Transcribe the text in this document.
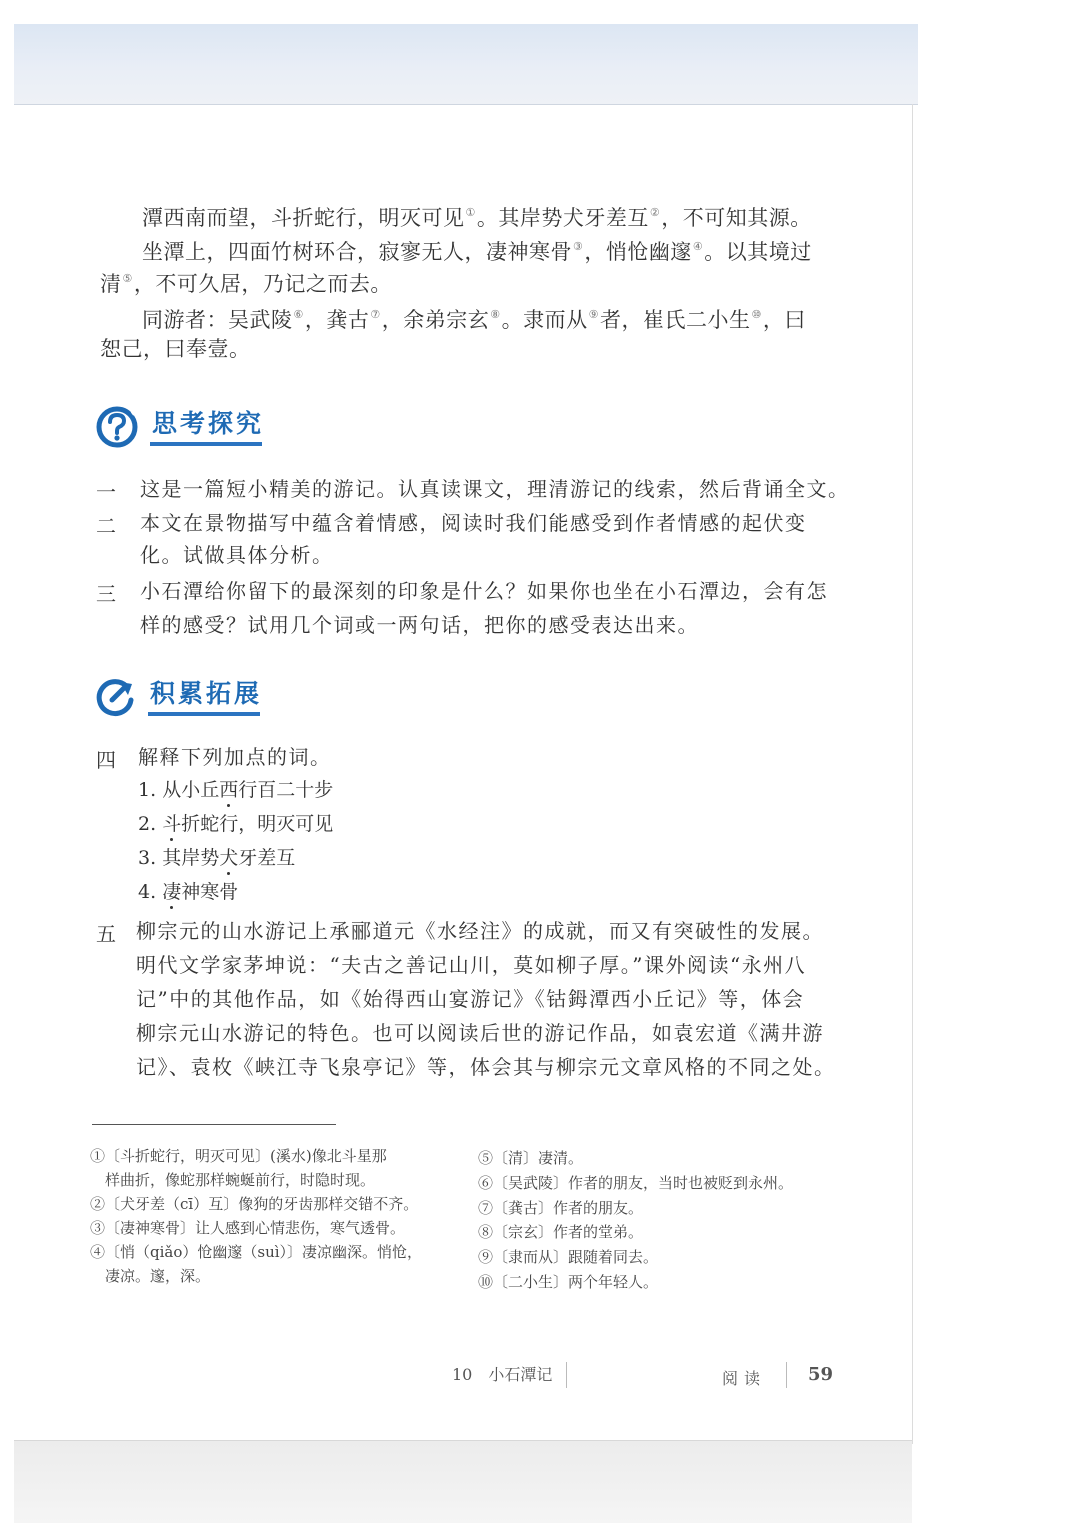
潭西南而望，斗折蛇行，明灭可见①。其岸势犬牙差互②，不可知其源。
坐潭上，四面竹树环合，寂寥无人，凄神寒骨③，悄怆幽邃④。以其境过
清⑤，不可久居，乃记之而去。
同游者：吴武陵⑥，龚古⑦，余弟宗玄⑧。隶而从⑨者，崔氏二小生⑩，曰
恕己，曰奉壹。
思考探究
一 这是一篇短小精美的游记。认真读课文，理清游记的线索，然后背诵全文。
二 本文在景物描写中蕴含着情感，阅读时我们能感受到作者情感的起伏变
化。试做具体分析。
三 小石潭给你留下的最深刻的印象是什么？如果你也坐在小石潭边，会有怎
样的感受？试用几个词或一两句话，把你的感受表达出来。
积累拓展
四 解释下列加点的词。
1. 从小丘西行百二十步
2. 斗折蛇行，明灭可见
3. 其岸势犬牙差互
4. 凄神寒骨
五 柳宗元的山水游记上承郦道元《水经注》的成就，而又有突破性的发展。
明代文学家茅坤说：“夫古之善记山川，莫如柳子厚。”课外阅读“永州八
记”中的其他作品，如《始得西山宴游记》《钴鉧潭西小丘记》等，体会
柳宗元山水游记的特色。也可以阅读后世的游记作品，如袁宏道《满井游
记》、袁枚《峡江寺飞泉亭记》等，体会其与柳宗元文章风格的不同之处。
①〔斗折蛇行，明灭可见〕(溪水)像北斗星那
　样曲折，像蛇那样蜿蜒前行，时隐时现。
②〔犬牙差（cī）互〕像狗的牙齿那样交错不齐。
③〔凄神寒骨〕让人感到心情悲伤，寒气透骨。
④〔悄（qiǎo）怆幽邃（suì）〕凄凉幽深。悄怆，
　凄凉。邃，深。
⑤〔清〕凄清。
⑥〔吴武陵〕作者的朋友，当时也被贬到永州。
⑦〔龚古〕作者的朋友。
⑧〔宗玄〕作者的堂弟。
⑨〔隶而从〕跟随着同去。
⑩〔二小生〕两个年轻人。
10　小石潭记	阅读 59
